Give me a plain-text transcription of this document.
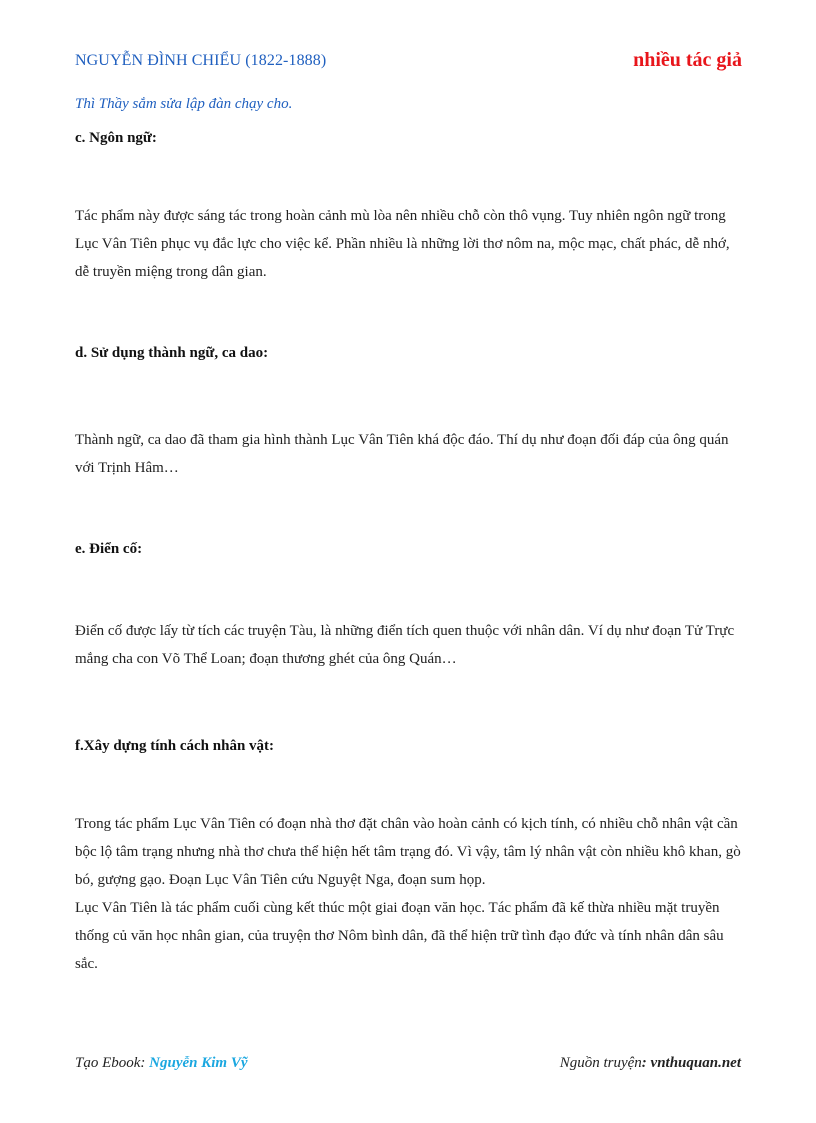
NGUYỄN ĐÌNH CHIỂU (1822-1888)	nhiều tác giả
Thì Thầy sắm sửa lập đàn chạy cho.
c. Ngôn ngữ:

Tác phẩm này được sáng tác trong hoàn cảnh mù lòa nên nhiều chỗ còn thô vụng. Tuy nhiên ngôn ngữ trong Lục Vân Tiên phục vụ đắc lực cho việc kể. Phần nhiều là những lời thơ nôm na, mộc mạc, chất phác, dễ nhớ, dễ truyền miệng trong dân gian.

d. Sử dụng thành ngữ, ca dao:

Thành ngữ, ca dao đã tham gia hình thành Lục Vân Tiên khá độc đáo. Thí dụ như đoạn đối đáp của ông quán với Trịnh Hâm…

e. Điển cố:

Điển cố được lấy từ tích các truyện Tàu, là những điển tích quen thuộc với nhân dân. Ví dụ như đoạn Tử Trực mắng cha con Võ Thể Loan; đoạn thương ghét của ông Quán…

f.Xây dựng tính cách nhân vật:

Trong tác phẩm Lục Vân Tiên có đoạn nhà thơ đặt chân vào hoàn cảnh có kịch tính, có nhiều chỗ nhân vật cần bộc lộ tâm trạng nhưng nhà thơ chưa thể hiện hết tâm trạng đó. Vì vậy, tâm lý nhân vật còn nhiều khô khan, gò bó, gượng gạo. Đoạn Lục Vân Tiên cứu Nguyệt Nga, đoạn sum họp.

Lục Vân Tiên là tác phẩm cuối cùng kết thúc một giai đoạn văn học. Tác phẩm đã kế thừa nhiều mặt truyền thống củ văn học nhân gian, của truyện thơ Nôm bình dân, đã thể hiện trữ tình đạo đức và tính nhân dân sâu sắc.

Tạo Ebook: Nguyễn Kim Vỹ	Nguồn truyện: vnthuquan.net
